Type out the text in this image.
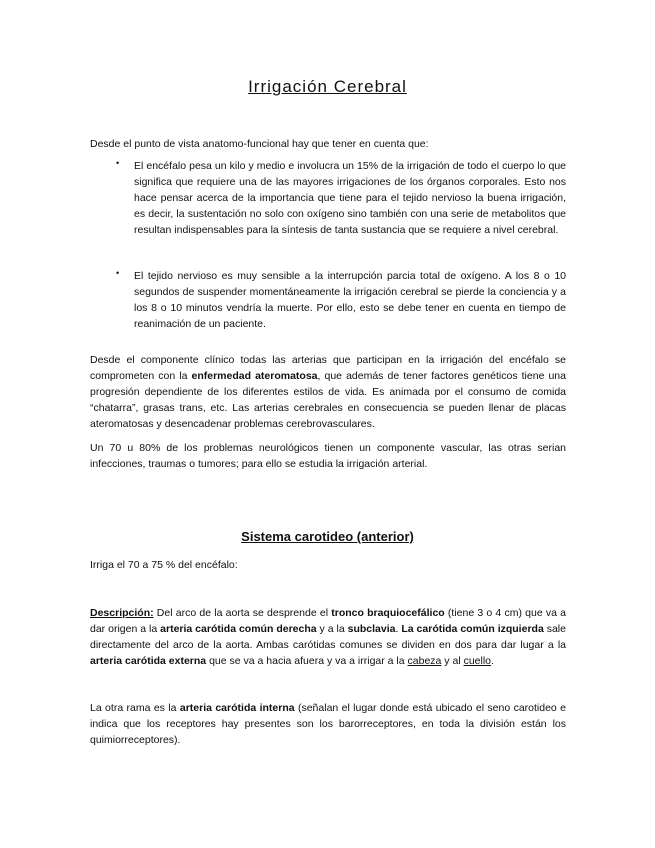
Irrigación Cerebral
Desde el punto de vista anatomo-funcional hay que tener en cuenta que:
• El encéfalo pesa un kilo y medio e involucra un 15% de la irrigación de todo el cuerpo lo que significa que requiere una de las mayores irrigaciones de los órganos corporales. Esto nos hace pensar acerca de la importancia que tiene para el tejido nervioso la buena irrigación, es decir, la sustentación no solo con oxígeno sino también con una serie de metabolitos que resultan indispensables para la síntesis de tanta sustancia que se requiere a nivel cerebral.
• El tejido nervioso es muy sensible a la interrupción parcia total de oxígeno. A los 8 o 10 segundos de suspender momentáneamente la irrigación cerebral se pierde la conciencia y a los 8 o 10 minutos vendría la muerte. Por ello, esto se debe tener en cuenta en tiempo de reanimación de un paciente.
Desde el componente clínico todas las arterias que participan en la irrigación del encéfalo se comprometen con la enfermedad ateromatosa, que además de tener factores genéticos tiene una progresión dependiente de los diferentes estilos de vida. Es animada por el consumo de comida “chatarra”, grasas trans, etc. Las arterias cerebrales en consecuencia se pueden llenar de placas ateromatosas y desencadenar problemas cerebrovasculares.
Un 70 u 80% de los problemas neurológicos tienen un componente vascular, las otras serian infecciones, traumas o tumores; para ello se estudia la irrigación arterial.
Sistema carotideo (anterior)
Irriga el 70 a 75 % del encéfalo:
Descripción: Del arco de la aorta se desprende el tronco braquiocefálico (tiene 3 o 4 cm) que va a dar origen a la arteria carótida común derecha y a la subclavia. La carótida común izquierda sale directamente del arco de la aorta. Ambas carótidas comunes se dividen en dos para dar lugar a la arteria carótida externa que se va a hacia afuera y va a irrigar a la cabeza y al cuello.
La otra rama es la arteria carótida interna (señalan el lugar donde está ubicado el seno carotideo e indica que los receptores hay presentes son los barorreceptores, en toda la división están los quimiorreceptores).
